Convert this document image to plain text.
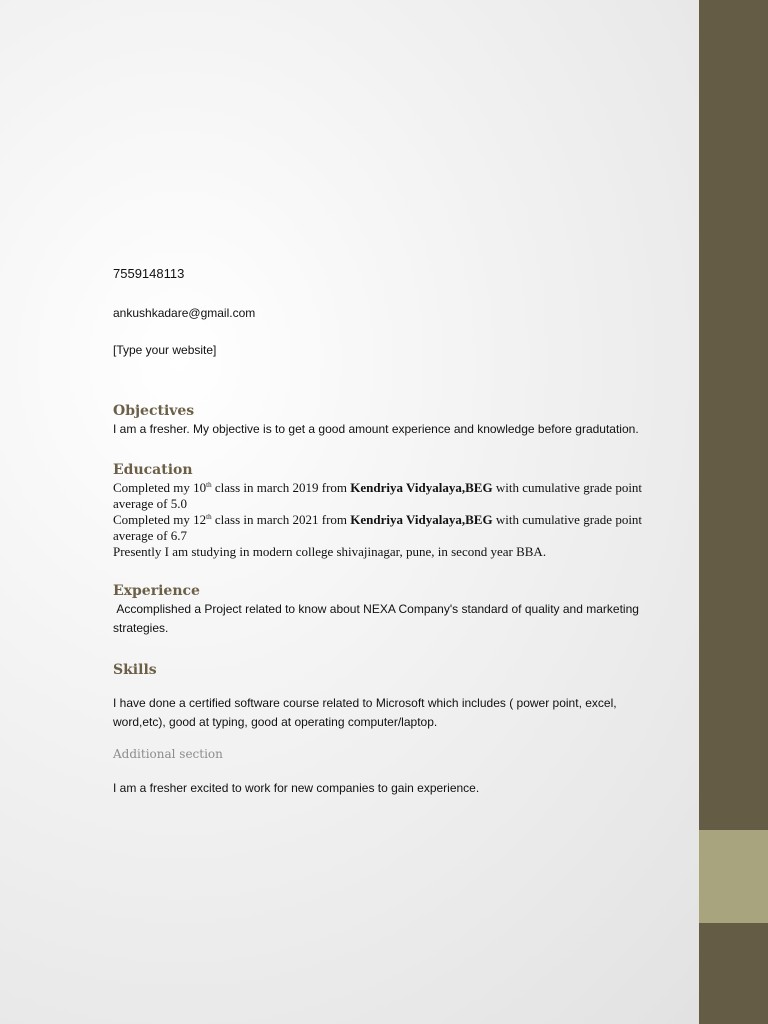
7559148113
ankushkadare@gmail.com
[Type your website]
Objectives
I am a fresher. My objective is to get a good amount experience and knowledge before gradutation.
Education
Completed my 10th class in march 2019 from Kendriya Vidyalaya,BEG with cumulative grade point average of 5.0
Completed my 12th class in march 2021 from Kendriya Vidyalaya,BEG with cumulative grade point average of 6.7
Presently I am studying in modern college shivajinagar, pune, in second year BBA.
Experience
Accomplished a Project related to know about NEXA Company's standard of quality and marketing strategies.
Skills
I have done a certified software course related to Microsoft which includes ( power point, excel, word,etc), good at typing, good at operating computer/laptop.
Additional section
I am a fresher excited to work for new companies to gain experience.
